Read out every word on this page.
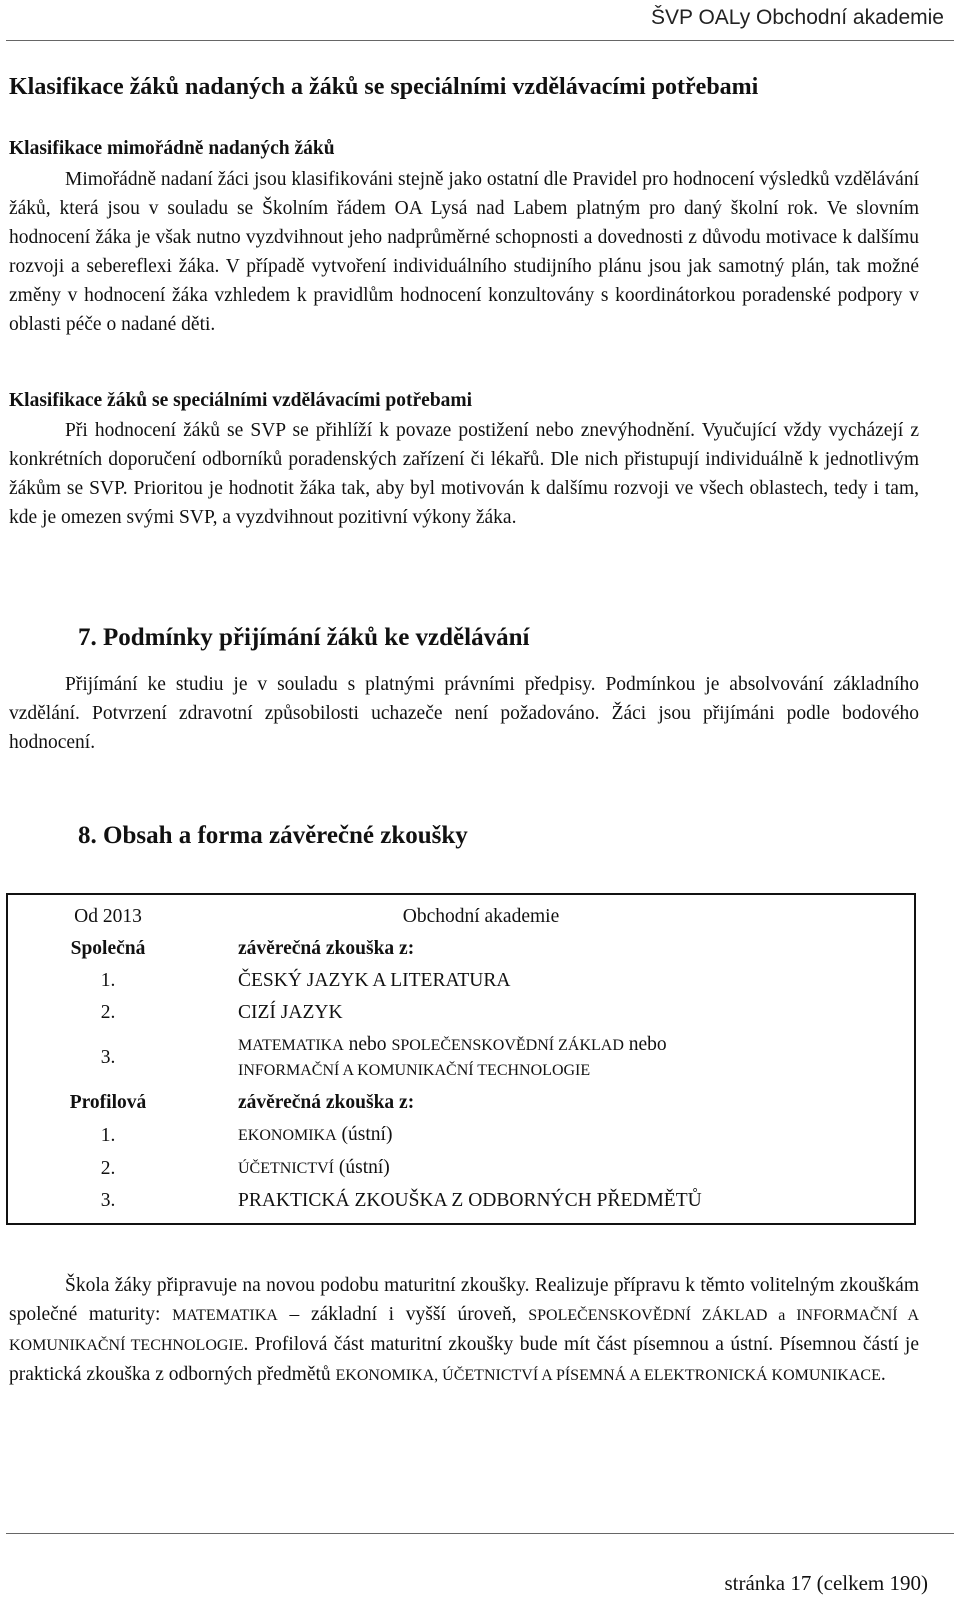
ŠVP OALy Obchodní akademie
Klasifikace žáků nadaných a žáků se speciálními vzdělávacími potřebami
Klasifikace mimořádně nadaných žáků

Mimořádně nadaní žáci jsou klasifikováni stejně jako ostatní dle Pravidel pro hodnocení výsledků vzdělávání žáků, která jsou v souladu se Školním řádem OA Lysá nad Labem platným pro daný školní rok. Ve slovním hodnocení žáka je však nutno vyzdvihnout jeho nadprůměrné schopnosti a dovednosti z důvodu motivace k dalšímu rozvoji a sebereflexi žáka. V případě vytvoření individuálního studijního plánu jsou jak samotný plán, tak možné změny v hodnocení žáka vzhledem k pravidlům hodnocení konzultovány s koordinátorkou poradenské podpory v oblasti péče o nadané děti.

Klasifikace žáků se speciálními vzdělávacími potřebami

Při hodnocení žáků se SVP se přihlíží k povaze postižení nebo znevýhodnění. Vyučující vždy vycházejí z konkrétních doporučení odborníků poradenských zařízení či lékařů. Dle nich přistupují individuálně k jednotlivým žákům se SVP. Prioritou je hodnotit žáka tak, aby byl motivován k dalšímu rozvoji ve všech oblastech, tedy i tam, kde je omezen svými SVP, a vyzdvihnout pozitivní výkony žáka.

7. Podmínky přijímání žáků ke vzdělávání

Přijímání ke studiu je v souladu s platnými právními předpisy. Podmínkou je absolvování základního vzdělání. Potvrzení zdravotní způsobilosti uchazeče není požadováno. Žáci jsou přijímáni podle bodového hodnocení.

8. Obsah a forma závěrečné zkoušky
Od 2013	Obchodní akademie
Společná	závěrečná zkouška z:
1.	ČESKÝ JAZYK A LITERATURA
2.	CIZÍ JAZYK
3.	MATEMATIKA nebo SPOLEČENSKOVĚDNÍ ZÁKLAD nebo
INFORMAČNÍ A KOMUNIKAČNÍ TECHNOLOGIE
Profilová	závěrečná zkouška z:
1.	EKONOMIKA (ústní)
2.	ÚČETNICTVÍ (ústní)
3.	PRAKTICKÁ ZKOUŠKA Z ODBORNÝCH PŘEDMĚTŮ

Škola žáky připravuje na novou podobu maturitní zkoušky. Realizuje přípravu k těmto volitelným zkouškám společné maturity: MATEMATIKA – základní i vyšší úroveň, SPOLEČENSKOVĚDNÍ ZÁKLAD a INFORMAČNÍ A KOMUNIKAČNÍ TECHNOLOGIE. Profilová část maturitní zkoušky bude mít část písemnou a ústní. Písemnou částí je praktická zkouška z odborných předmětů EKONOMIKA, ÚČETNICTVÍ A PÍSEMNÁ A ELEKTRONICKÁ KOMUNIKACE.

stránka 17 (celkem 190)
